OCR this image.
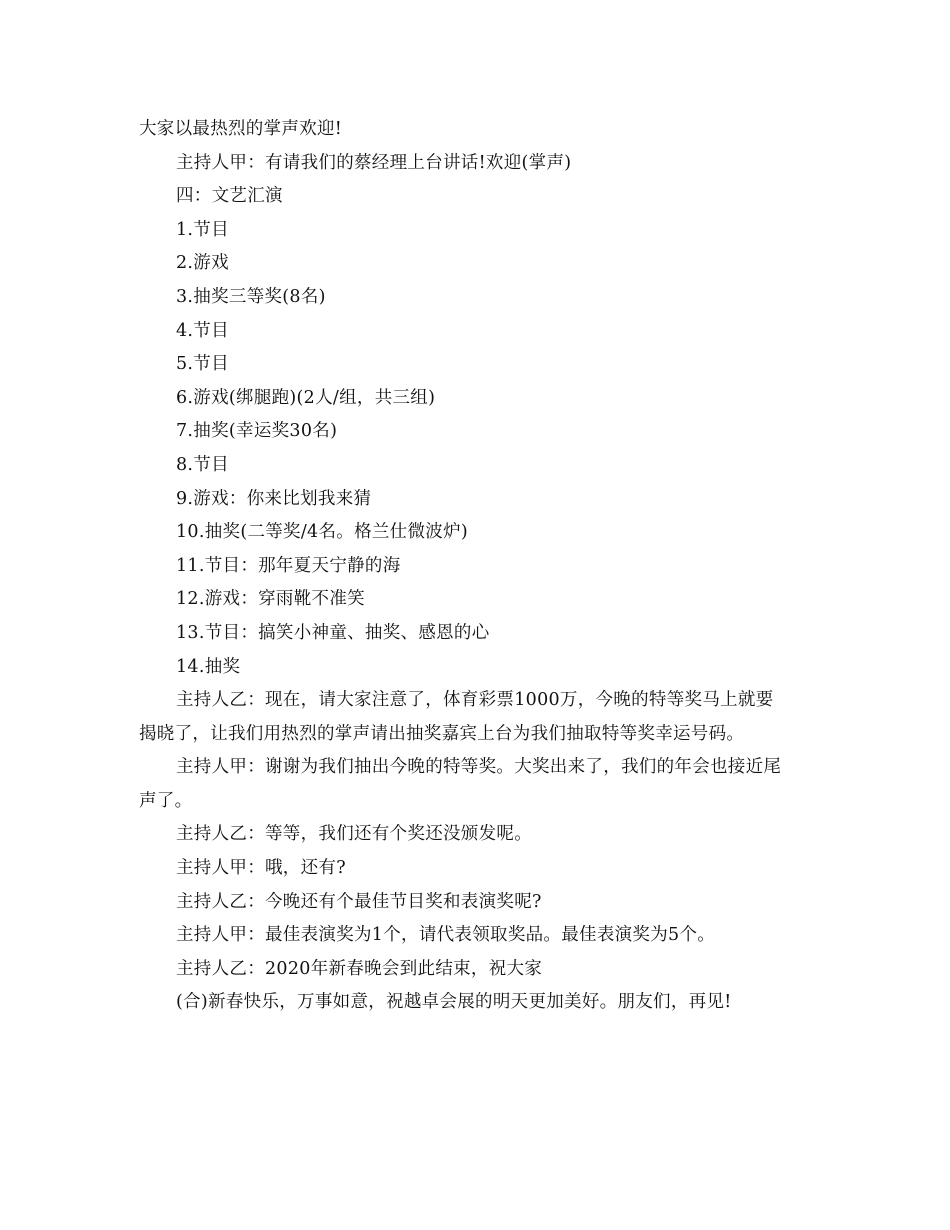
大家以最热烈的掌声欢迎!
主持人甲：有请我们的蔡经理上台讲话!欢迎(掌声)
四：文艺汇演
1.节目
2.游戏
3.抽奖三等奖(8名)
4.节目
5.节目
6.游戏(绑腿跑)(2人/组，共三组)
7.抽奖(幸运奖30名)
8.节目
9.游戏：你来比划我来猜
10.抽奖(二等奖/4名。格兰仕微波炉)
11.节目：那年夏天宁静的海
12.游戏：穿雨靴不准笑
13.节目：搞笑小神童、抽奖、感恩的心
14.抽奖
主持人乙：现在，请大家注意了，体育彩票1000万，今晚的特等奖马上就要
揭晓了，让我们用热烈的掌声请出抽奖嘉宾上台为我们抽取特等奖幸运号码。
主持人甲：谢谢为我们抽出今晚的特等奖。大奖出来了，我们的年会也接近尾
声了。
主持人乙：等等，我们还有个奖还没颁发呢。
主持人甲：哦，还有?
主持人乙：今晚还有个最佳节目奖和表演奖呢?
主持人甲：最佳表演奖为1个，请代表领取奖品。最佳表演奖为5个。
主持人乙：2020年新春晚会到此结束，祝大家
(合)新春快乐，万事如意，祝越卓会展的明天更加美好。朋友们，再见!
